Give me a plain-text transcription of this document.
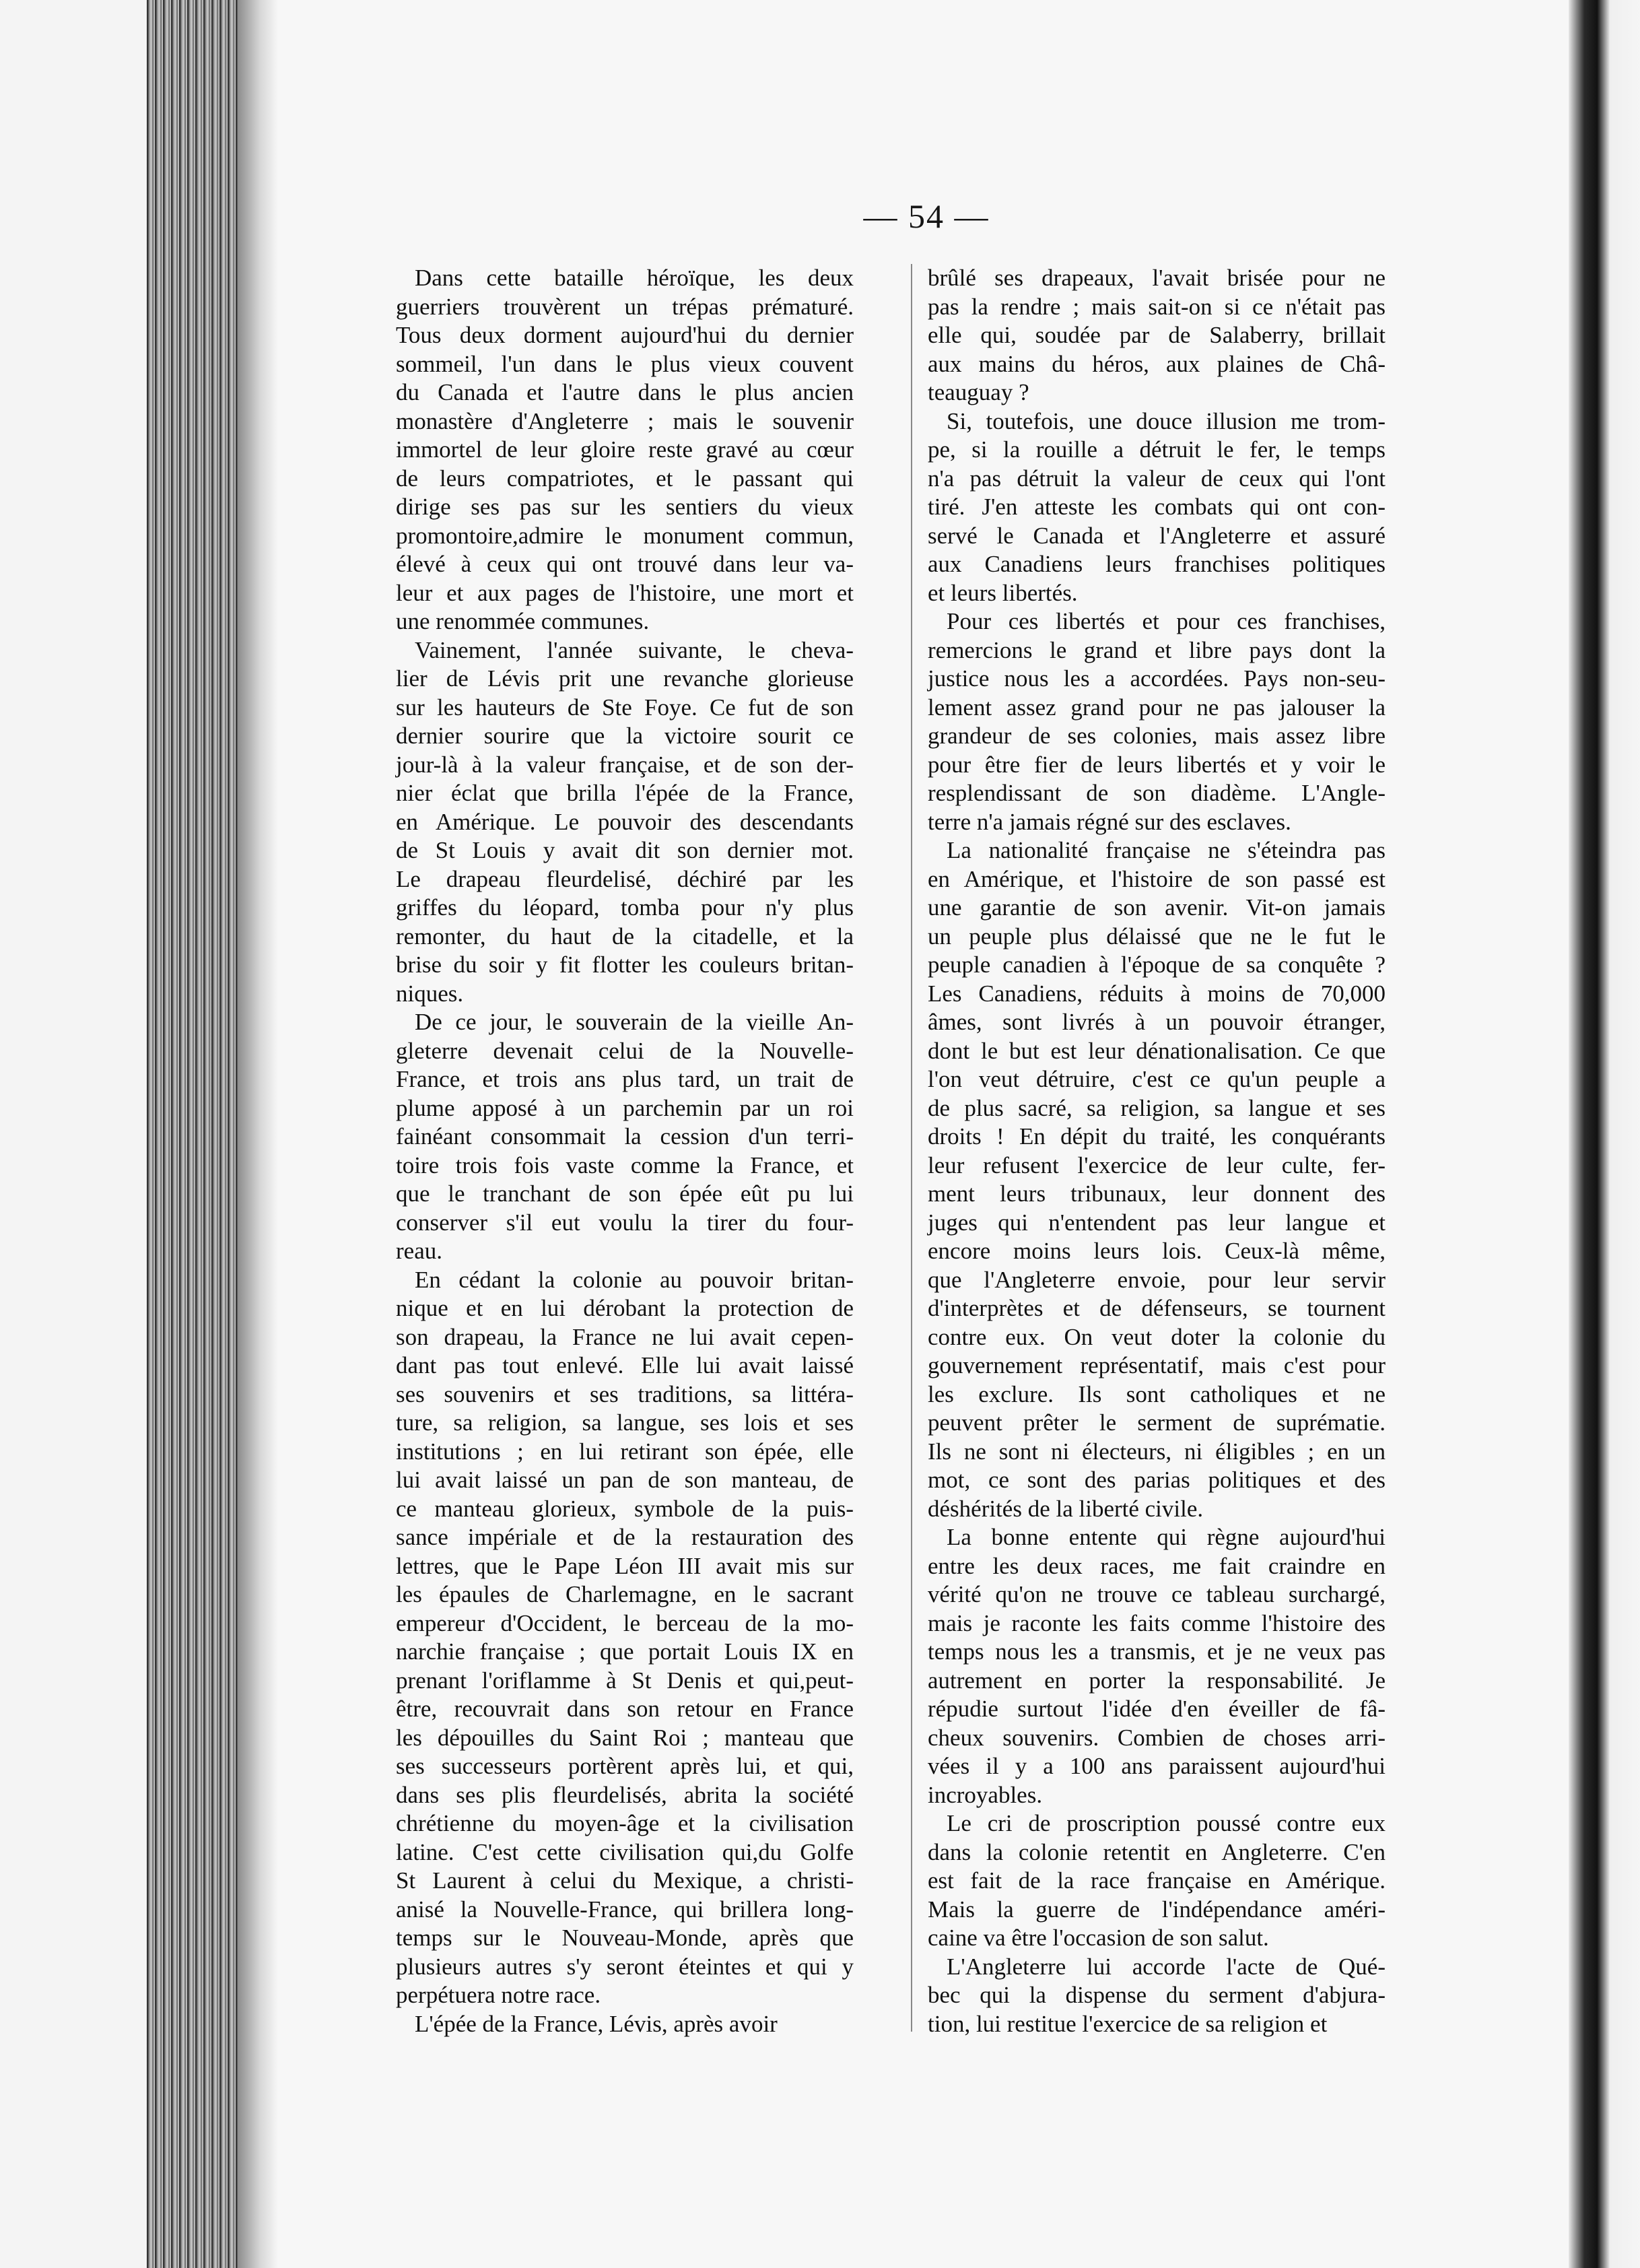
— 54 —

Dans cette bataille héroïque, les deux
guerriers trouvèrent un trépas prématuré.
Tous deux dorment aujourd'hui du dernier
sommeil, l'un dans le plus vieux couvent
du Canada et l'autre dans le plus ancien
monastère d'Angleterre ; mais le souvenir
immortel de leur gloire reste gravé au cœur
de leurs compatriotes, et le passant qui
dirige ses pas sur les sentiers du vieux
promontoire,admire le monument commun,
élevé à ceux qui ont trouvé dans leur va-
leur et aux pages de l'histoire, une mort et
une renommée communes.

Vainement, l'année suivante, le cheva-
lier de Lévis prit une revanche glorieuse
sur les hauteurs de Ste Foye. Ce fut de son
dernier sourire que la victoire sourit ce
jour-là à la valeur française, et de son der-
nier éclat que brilla l'épée de la France,
en Amérique. Le pouvoir des descendants
de St Louis y avait dit son dernier mot.
Le drapeau fleurdelisé, déchiré par les
griffes du léopard, tomba pour n'y plus
remonter, du haut de la citadelle, et la
brise du soir y fit flotter les couleurs britan-
niques.

De ce jour, le souverain de la vieille An-
gleterre devenait celui de la Nouvelle-
France, et trois ans plus tard, un trait de
plume apposé à un parchemin par un roi
fainéant consommait la cession d'un terri-
toire trois fois vaste comme la France, et
que le tranchant de son épée eût pu lui
conserver s'il eut voulu la tirer du four-
reau.

En cédant la colonie au pouvoir britan-
nique et en lui dérobant la protection de
son drapeau, la France ne lui avait cepen-
dant pas tout enlevé. Elle lui avait laissé
ses souvenirs et ses traditions, sa littéra-
ture, sa religion, sa langue, ses lois et ses
institutions ; en lui retirant son épée, elle
lui avait laissé un pan de son manteau, de
ce manteau glorieux, symbole de la puis-
sance impériale et de la restauration des
lettres, que le Pape Léon III avait mis sur
les épaules de Charlemagne, en le sacrant
empereur d'Occident, le berceau de la mo-
narchie française ; que portait Louis IX en
prenant l'oriflamme à St Denis et qui,peut-
être, recouvrait dans son retour en France
les dépouilles du Saint Roi ; manteau que
ses successeurs portèrent après lui, et qui,
dans ses plis fleurdelisés, abrita la société
chrétienne du moyen-âge et la civilisation
latine. C'est cette civilisation qui,du Golfe
St Laurent à celui du Mexique, a christi-
anisé la Nouvelle-France, qui brillera long-
temps sur le Nouveau-Monde, après que
plusieurs autres s'y seront éteintes et qui y
perpétuera notre race.

L'épée de la France, Lévis, après avoir

brûlé ses drapeaux, l'avait brisée pour ne
pas la rendre ; mais sait-on si ce n'était pas
elle qui, soudée par de Salaberry, brillait
aux mains du héros, aux plaines de Châ-
teauguay ?

Si, toutefois, une douce illusion me trom-
pe, si la rouille a détruit le fer, le temps
n'a pas détruit la valeur de ceux qui l'ont
tiré. J'en atteste les combats qui ont con-
servé le Canada et l'Angleterre et assuré
aux Canadiens leurs franchises politiques
et leurs libertés.

Pour ces libertés et pour ces franchises,
remercions le grand et libre pays dont la
justice nous les a accordées. Pays non-seu-
lement assez grand pour ne pas jalouser la
grandeur de ses colonies, mais assez libre
pour être fier de leurs libertés et y voir le
resplendissant de son diadème. L'Angle-
terre n'a jamais régné sur des esclaves.

La nationalité française ne s'éteindra pas
en Amérique, et l'histoire de son passé est
une garantie de son avenir. Vit-on jamais
un peuple plus délaissé que ne le fut le
peuple canadien à l'époque de sa conquête ?
Les Canadiens, réduits à moins de 70,000
âmes, sont livrés à un pouvoir étranger,
dont le but est leur dénationalisation. Ce que
l'on veut détruire, c'est ce qu'un peuple a
de plus sacré, sa religion, sa langue et ses
droits ! En dépit du traité, les conquérants
leur refusent l'exercice de leur culte, fer-
ment leurs tribunaux, leur donnent des
juges qui n'entendent pas leur langue et
encore moins leurs lois. Ceux-là même,
que l'Angleterre envoie, pour leur servir
d'interprètes et de défenseurs, se tournent
contre eux. On veut doter la colonie du
gouvernement représentatif, mais c'est pour
les exclure. Ils sont catholiques et ne
peuvent prêter le serment de suprématie.
Ils ne sont ni électeurs, ni éligibles ; en un
mot, ce sont des parias politiques et des
déshérités de la liberté civile.

La bonne entente qui règne aujourd'hui
entre les deux races, me fait craindre en
vérité qu'on ne trouve ce tableau surchargé,
mais je raconte les faits comme l'histoire des
temps nous les a transmis, et je ne veux pas
autrement en porter la responsabilité. Je
répudie surtout l'idée d'en éveiller de fâ-
cheux souvenirs. Combien de choses arri-
vées il y a 100 ans paraissent aujourd'hui
incroyables.

Le cri de proscription poussé contre eux
dans la colonie retentit en Angleterre. C'en
est fait de la race française en Amérique.
Mais la guerre de l'indépendance améri-
caine va être l'occasion de son salut.

L'Angleterre lui accorde l'acte de Qué-
bec qui la dispense du serment d'abjura-
tion, lui restitue l'exercice de sa religion et
